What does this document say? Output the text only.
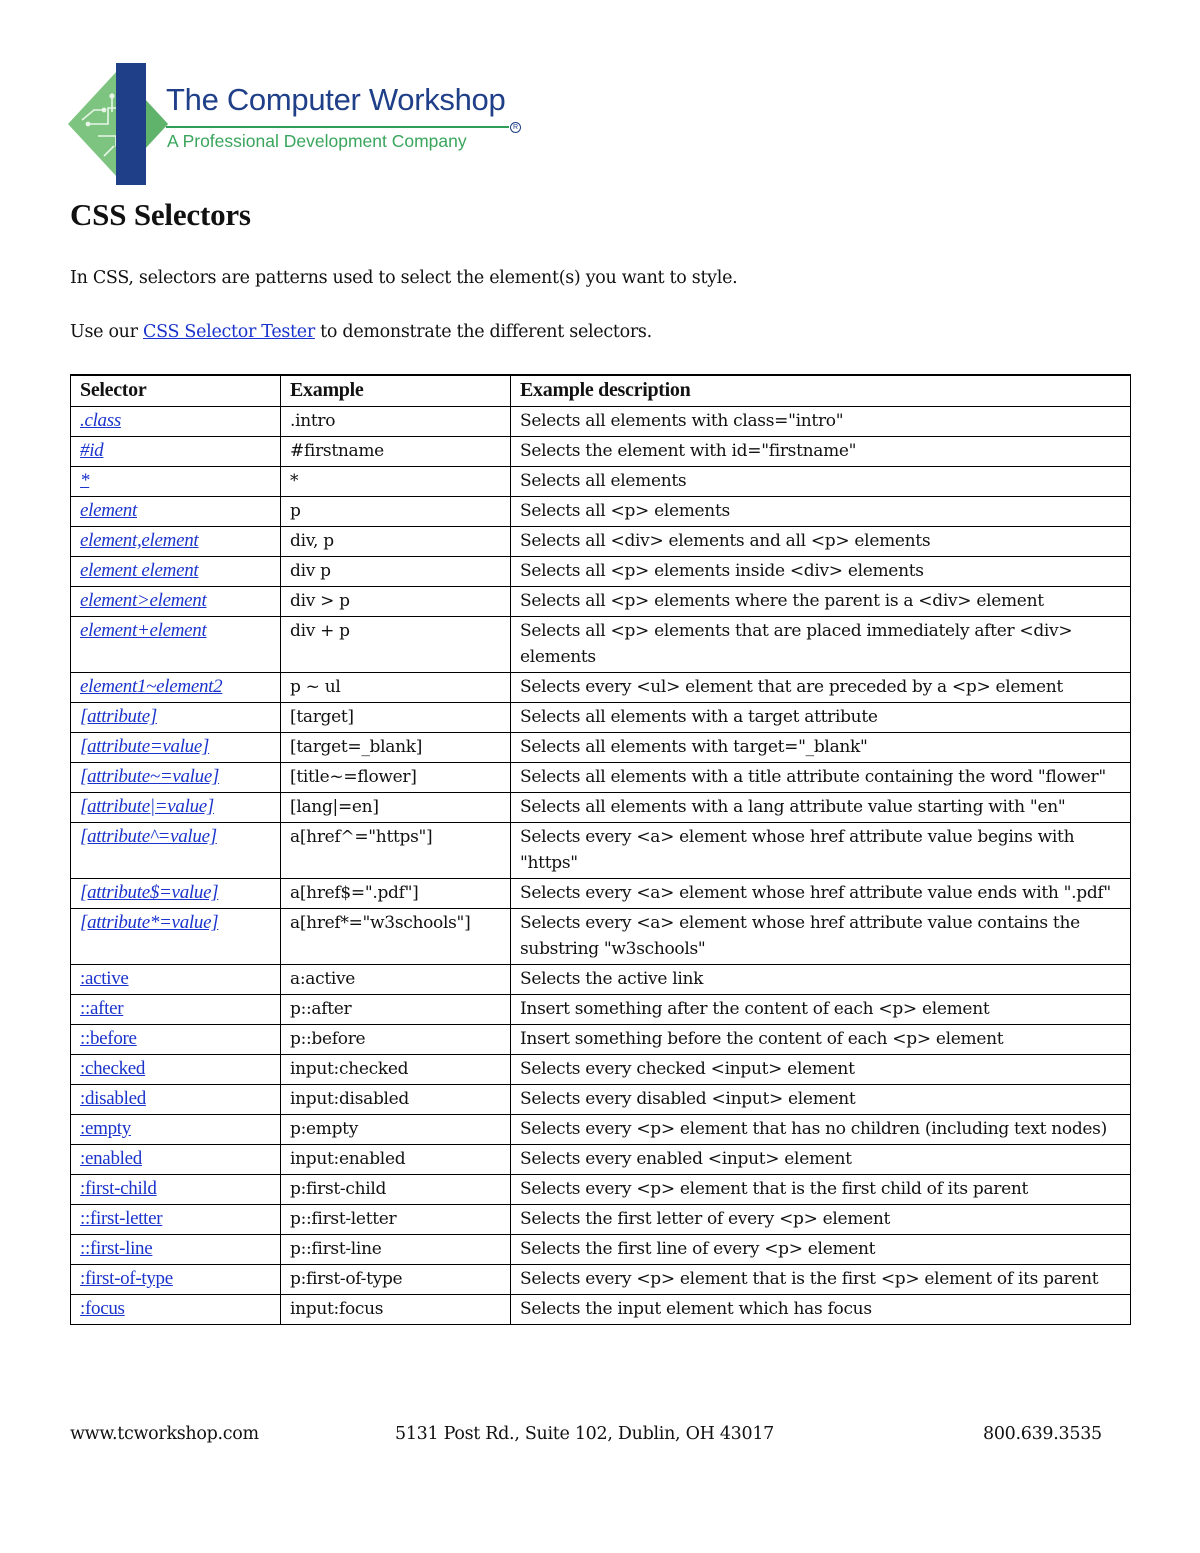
The Computer Workshop
R
A Professional Development Company
CSS Selectors
In CSS, selectors are patterns used to select the element(s) you want to style.
Use our CSS Selector Tester to demonstrate the different selectors.
Selector	Example	Example description
.class	.intro	Selects all elements with class="intro"
#id	#firstname	Selects the element with id="firstname"
*	*	Selects all elements
element	p	Selects all <p> elements
element,element	div, p	Selects all <div> elements and all <p> elements
element element	div p	Selects all <p> elements inside <div> elements
element>element	div > p	Selects all <p> elements where the parent is a <div> element
element+element	div + p	Selects all <p> elements that are placed immediately after <div> elements
element1~element2	p ~ ul	Selects every <ul> element that are preceded by a <p> element
[attribute]	[target]	Selects all elements with a target attribute
[attribute=value]	[target=_blank]	Selects all elements with target="_blank"
[attribute~=value]	[title~=flower]	Selects all elements with a title attribute containing the word "flower"
[attribute|=value]	[lang|=en]	Selects all elements with a lang attribute value starting with "en"
[attribute^=value]	a[href^="https"]	Selects every <a> element whose href attribute value begins with "https"
[attribute$=value]	a[href$=".pdf"]	Selects every <a> element whose href attribute value ends with ".pdf"
[attribute*=value]	a[href*="w3schools"]	Selects every <a> element whose href attribute value contains the substring "w3schools"
:active	a:active	Selects the active link
::after	p::after	Insert something after the content of each <p> element
::before	p::before	Insert something before the content of each <p> element
:checked	input:checked	Selects every checked <input> element
:disabled	input:disabled	Selects every disabled <input> element
:empty	p:empty	Selects every <p> element that has no children (including text nodes)
:enabled	input:enabled	Selects every enabled <input> element
:first-child	p:first-child	Selects every <p> element that is the first child of its parent
::first-letter	p::first-letter	Selects the first letter of every <p> element
::first-line	p::first-line	Selects the first line of every <p> element
:first-of-type	p:first-of-type	Selects every <p> element that is the first <p> element of its parent
:focus	input:focus	Selects the input element which has focus
www.tcworkshop.com	5131 Post Rd., Suite 102, Dublin, OH 43017	800.639.3535
